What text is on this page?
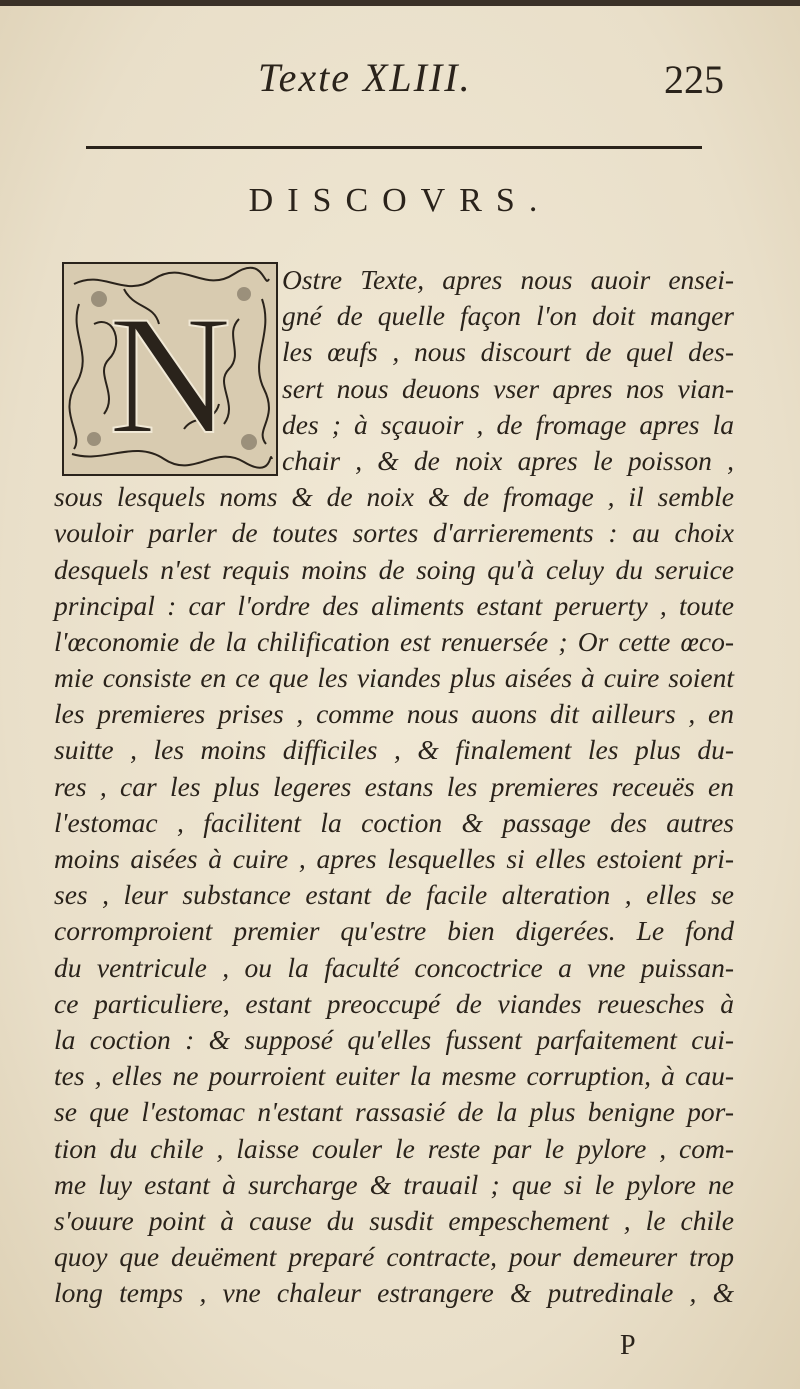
Texte XLIII.	225
DISCOVRS.
N
Ostre Texte, apres nous auoir ensei-
gné de quelle façon l'on doit manger
les œufs , nous discourt de quel des-
sert nous deuons vser apres nos vian-
des ; à sçauoir , de fromage apres la
chair , & de noix apres le poisson ,
sous lesquels noms & de noix & de fromage , il semble
vouloir parler de toutes sortes d'arrierements : au choix
desquels n'est requis moins de soing qu'à celuy du seruice
principal : car l'ordre des aliments estant peruerty , toute
l'œconomie de la chilification est renuersée ; Or cette œco-
mie consiste en ce que les viandes plus aisées à cuire soient
les premieres prises , comme nous auons dit ailleurs , en
suitte , les moins difficiles , & finalement les plus du-
res , car les plus legeres estans les premieres receuës en
l'estomac , facilitent la coction & passage des autres
moins aisées à cuire , apres lesquelles si elles estoient pri-
ses , leur substance estant de facile alteration , elles se
corromproient premier qu'estre bien digerées. Le fond
du ventricule , ou la faculté concoctrice a vne puissan-
ce particuliere, estant preoccupé de viandes reuesches à
la coction : & supposé qu'elles fussent parfaitement cui-
tes , elles ne pourroient euiter la mesme corruption, à cau-
se que l'estomac n'estant rassasié de la plus benigne por-
tion du chile , laisse couler le reste par le pylore , com-
me luy estant à surcharge & trauail ; que si le pylore ne
s'ouure point à cause du susdit empeschement , le chile
quoy que deuëment preparé contracte, pour demeurer trop
long temps , vne chaleur estrangere & putredinale , &
P
